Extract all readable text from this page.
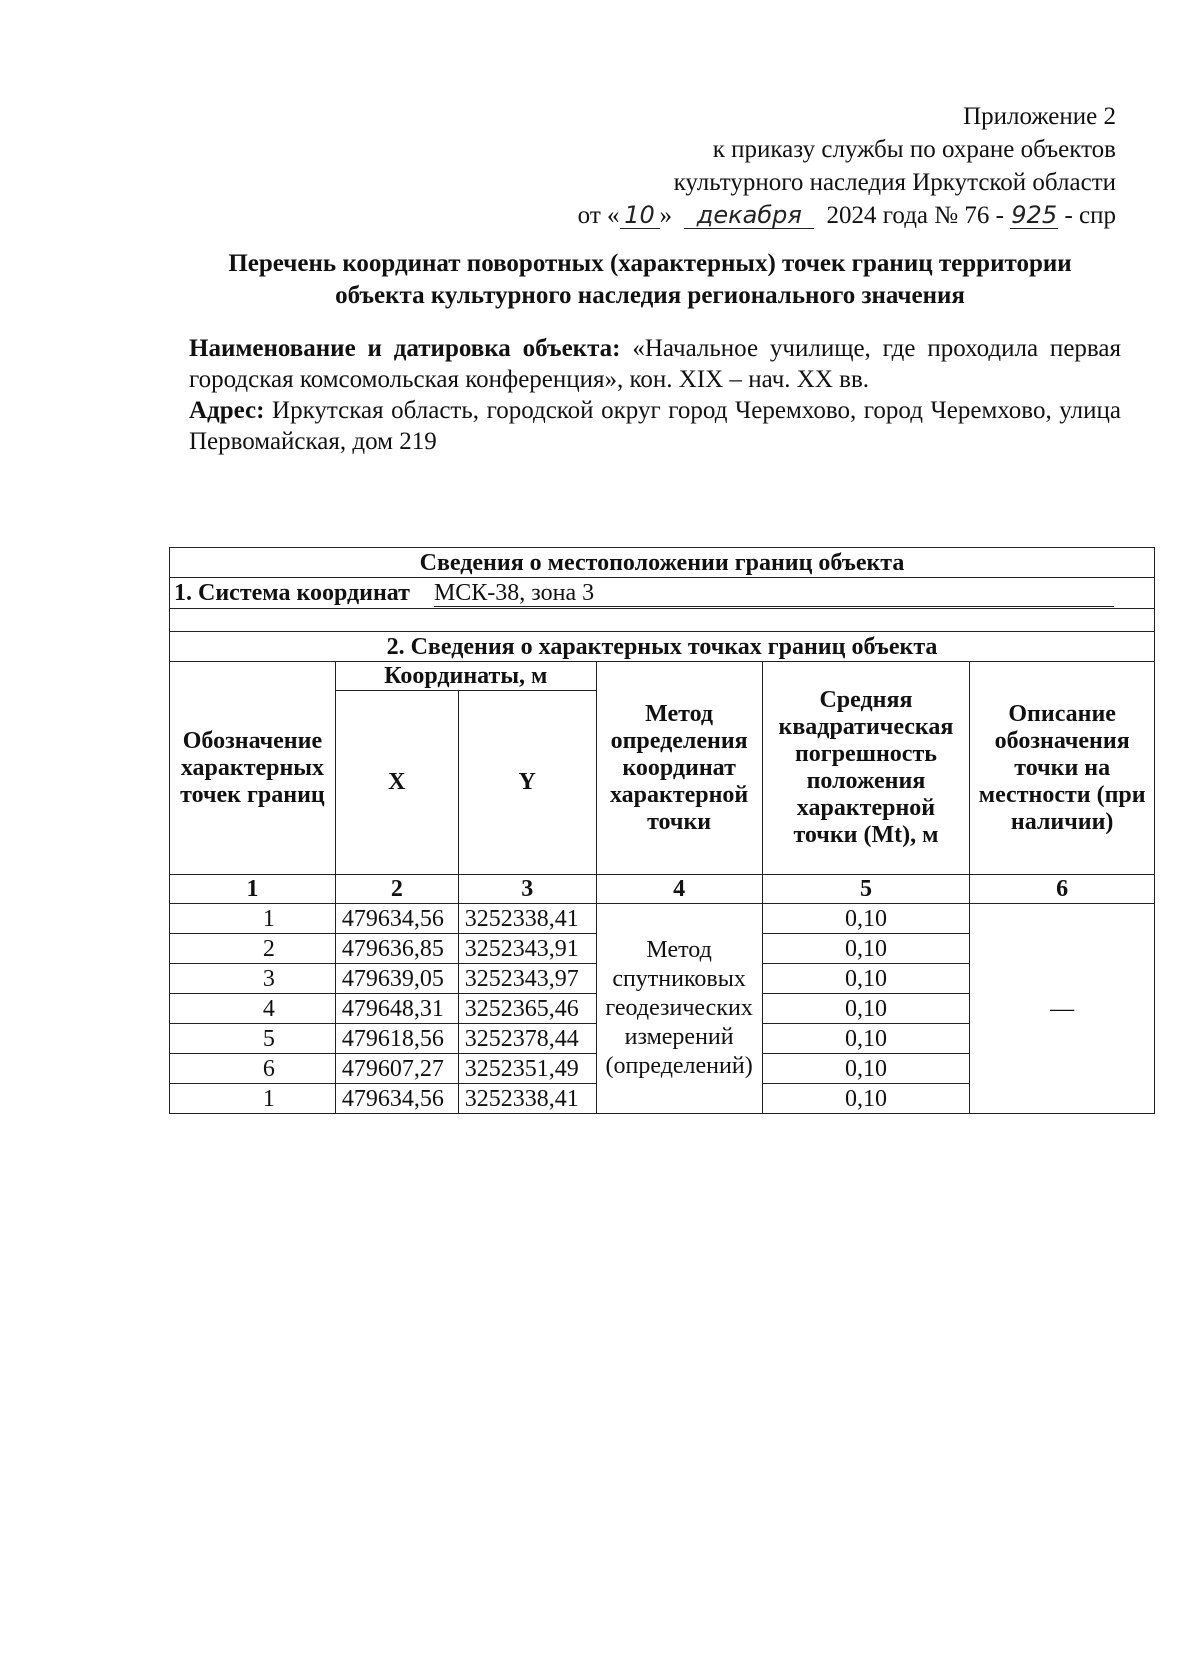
Приложение 2
к приказу службы по охране объектов
культурного наследия Иркутской области
от « 10 » декабря 2024 года № 76 - 925 - спр
Перечень координат поворотных (характерных) точек границ территории
объекта культурного наследия регионального значения

Наименование и датировка объекта: «Начальное училище, где проходила первая городская комсомольская конференция», кон. XIX – нач. XX вв.

Адрес: Иркутская область, городской округ город Черемхово, город Черемхово, улица Первомайская, дом 219

Сведения о местоположении границ объекта					
1. Система координат МСК-38, зона 3					

2. Сведения о характерных точках границ объекта					
Обозначение характерных точек границ	Координаты, м		Метод определения координат характерной точки	Средняя квадратическая погрешность положения характерной точки (Mt), м	Описание обозначения точки на местности (при наличии)
	X	Y			
1	2	3	4	5	6
1	479634,56	3252338,41	Метод спутниковых геодезических измерений (определений)	0,10	—
2	479636,85	3252343,91		0,10	
3	479639,05	3252343,97		0,10	
4	479648,31	3252365,46		0,10	
5	479618,56	3252378,44		0,10	
6	479607,27	3252351,49		0,10	
1	479634,56	3252338,41		0,10	
